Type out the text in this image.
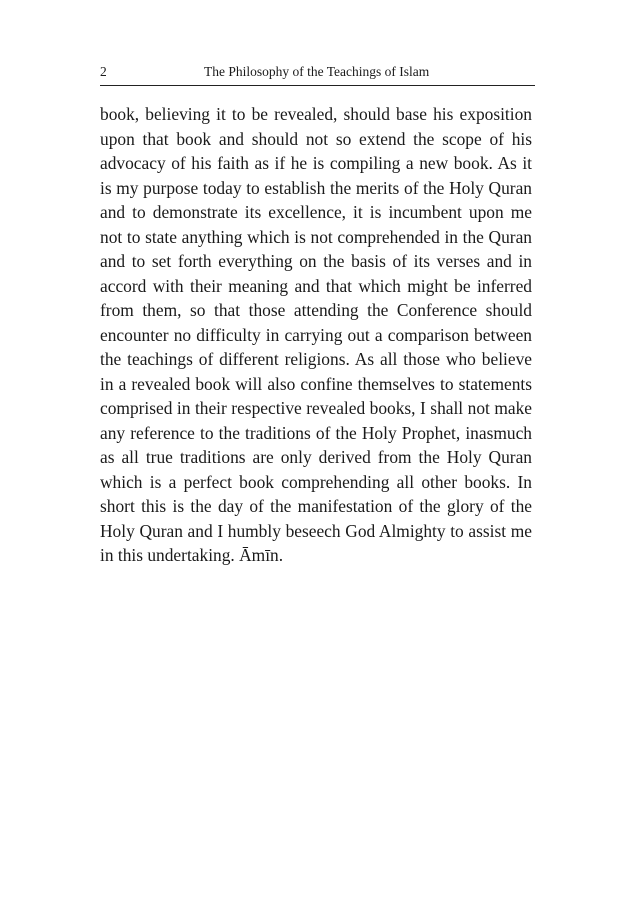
2	The Philosophy of the Teachings of Islam

book, believing it to be revealed, should base his exposition upon that book and should not so extend the scope of his advocacy of his faith as if he is compiling a new book. As it is my purpose today to establish the merits of the Holy Quran and to demonstrate its excellence, it is incumbent upon me not to state anything which is not comprehended in the Quran and to set forth everything on the basis of its verses and in accord with their meaning and that which might be inferred from them, so that those attending the Conference should encounter no difficulty in carrying out a comparison between the teachings of different religions. As all those who believe in a revealed book will also confine themselves to statements comprised in their respective revealed books, I shall not make any reference to the traditions of the Holy Prophet, inasmuch as all true traditions are only derived from the Holy Quran which is a perfect book comprehending all other books. In short this is the day of the manifestation of the glory of the Holy Quran and I humbly beseech God Almighty to assist me in this undertaking. Āmīn.
